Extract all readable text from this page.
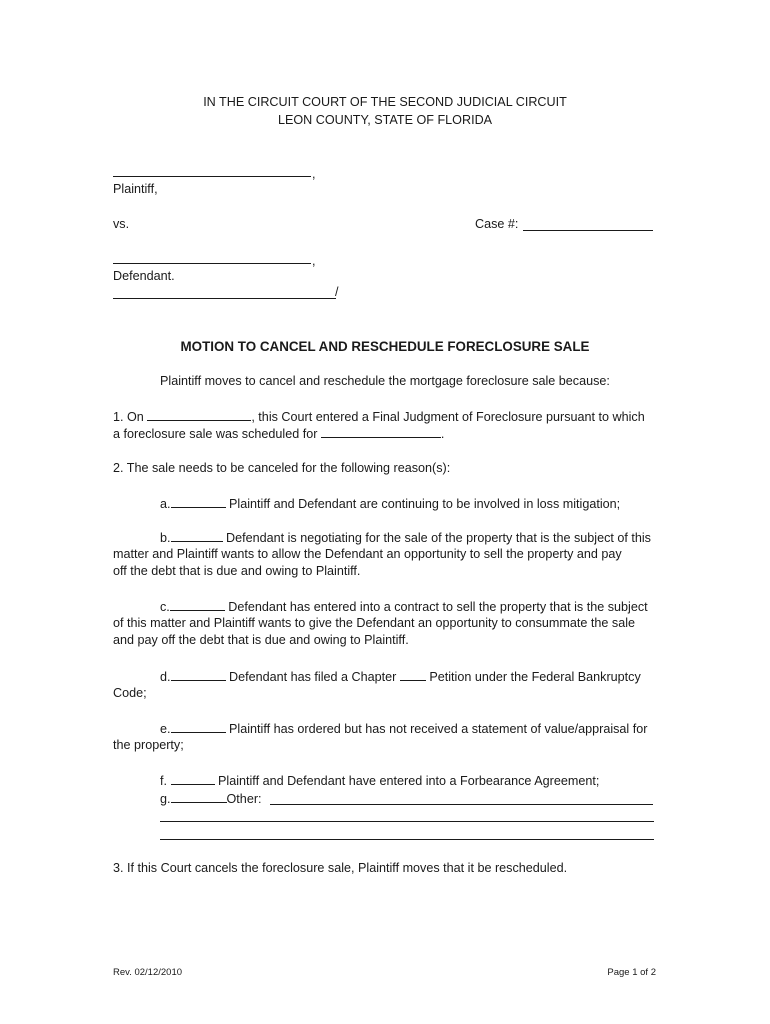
IN THE CIRCUIT COURT OF THE SECOND JUDICIAL CIRCUIT
LEON COUNTY, STATE OF FLORIDA
,
Plaintiff,
vs.	Case #:
,
Defendant.
/
MOTION TO CANCEL AND RESCHEDULE FORECLOSURE SALE
Plaintiff moves to cancel and reschedule the mortgage foreclosure sale because:
1. On	, this Court entered a Final Judgment of Foreclosure pursuant to which
a foreclosure sale was scheduled for	.
2. The sale needs to be canceled for the following reason(s):
a.	Plaintiff and Defendant are continuing to be involved in loss mitigation;
b.	Defendant is negotiating for the sale of the property that is the subject of this
matter and Plaintiff wants to allow the Defendant an opportunity to sell the property and pay
off the debt that is due and owing to Plaintiff.
c.	Defendant has entered into a contract to sell the property that is the subject
of this matter and Plaintiff wants to give the Defendant an opportunity to consummate the sale
and pay off the debt that is due and owing to Plaintiff.
d.	Defendant has filed a Chapter	Petition under the Federal Bankruptcy
Code;
e.	Plaintiff has ordered but has not received a statement of value/appraisal for
the property;
f.	Plaintiff and Defendant have entered into a Forbearance Agreement;
g.	Other:
3. If this Court cancels the foreclosure sale, Plaintiff moves that it be rescheduled.
Rev. 02/12/2010	Page 1 of 2
